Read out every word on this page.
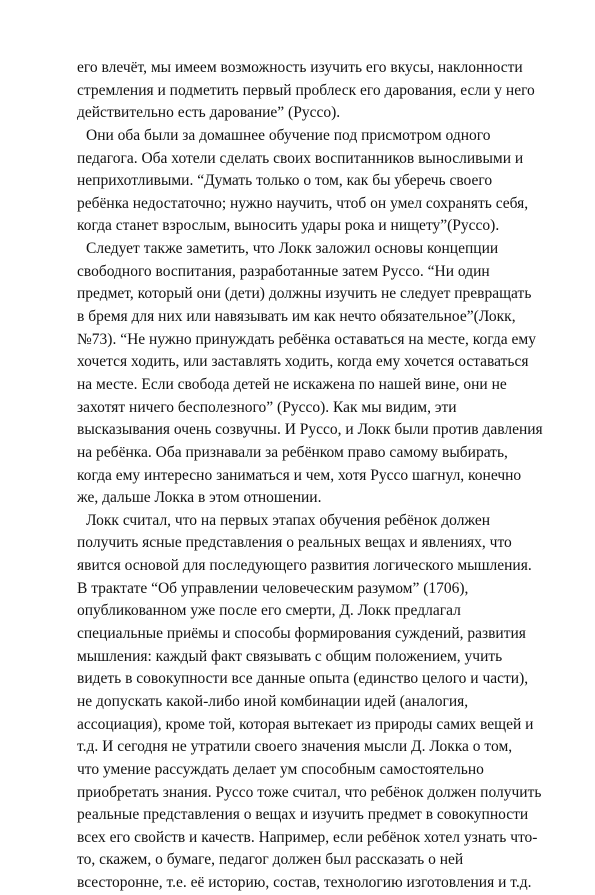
его влечёт, мы имеем возможность изучить его вкусы, наклонности
стремления и подметить первый проблеск его дарования, если у него
действительно есть дарование” (Руссо).
Они оба были за домашнее обучение под присмотром одного
педагога. Оба хотели сделать своих воспитанников выносливыми и
неприхотливыми. “Думать только о том, как бы уберечь своего
ребёнка недостаточно; нужно научить, чтоб он умел сохранять себя,
когда станет взрослым, выносить удары рока и нищету”(Руссо).
Следует также заметить, что Локк заложил основы концепции
свободного воспитания, разработанные затем Руссо. “Ни один
предмет, который они (дети) должны изучить не следует превращать
в бремя для них или навязывать им как нечто обязательное”(Локк,
№73). “Не нужно принуждать ребёнка оставаться на месте, когда ему
хочется ходить, или заставлять ходить, когда ему хочется оставаться
на месте. Если свобода детей не искажена по нашей вине, они не
захотят ничего бесполезного” (Руссо). Как мы видим, эти
высказывания очень созвучны. И Руссо, и Локк были против давления
на ребёнка. Оба признавали за ребёнком право самому выбирать,
когда ему интересно заниматься и чем, хотя Руссо шагнул, конечно
же, дальше Локка в этом отношении.
Локк считал, что на первых этапах обучения ребёнок должен
получить ясные представления о реальных вещах и явлениях, что
явится основой для последующего развития логического мышления.
В трактате “Об управлении человеческим разумом” (1706),
опубликованном уже после его смерти, Д. Локк предлагал
специальные приёмы и способы формирования суждений, развития
мышления: каждый факт связывать с общим положением, учить
видеть в совокупности все данные опыта (единство целого и части),
не допускать какой-либо иной комбинации идей (аналогия,
ассоциация), кроме той, которая вытекает из природы самих вещей и
т.д. И сегодня не утратили своего значения мысли Д. Локка о том,
что умение рассуждать делает ум способным самостоятельно
приобретать знания. Руссо тоже считал, что ребёнок должен получить
реальные представления о вещах и изучить предмет в совокупности
всех его свойств и качеств. Например, если ребёнок хотел узнать что-
то, скажем, о бумаге, педагог должен был рассказать о ней
всесторонне, т.е. её историю, состав, технологию изготовления и т.д.
